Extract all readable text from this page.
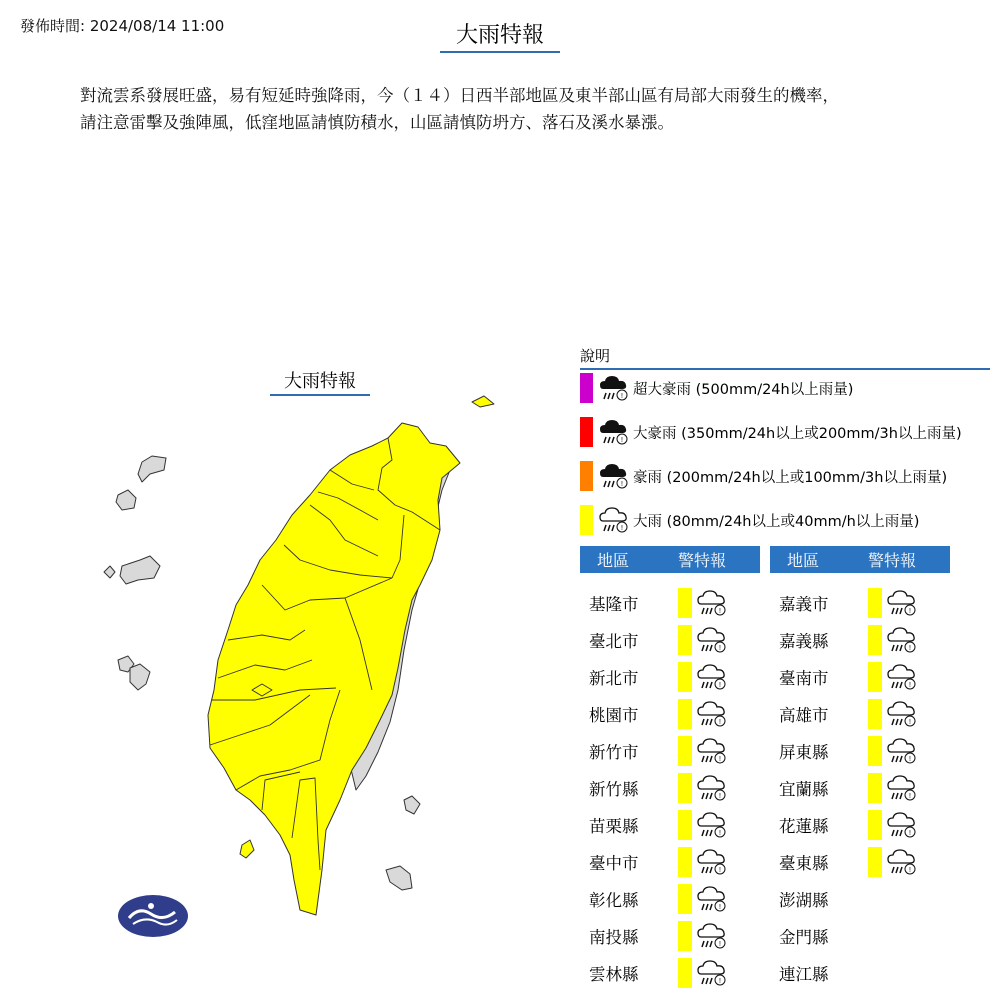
發佈時間: 2024/08/14 11:00	大雨特報
對流雲系發展旺盛，易有短延時強降雨，今（１４）日西半部地區及東半部山區有局部大雨發生的機率，
請注意雷擊及強陣風，低窪地區請慎防積水，山區請慎防坍方、落石及溪水暴漲。
大雨特報
說明
! 超大豪雨 (500mm/24h以上雨量)
! 大豪雨 (350mm/24h以上或200mm/3h以上雨量)
! 豪雨 (200mm/24h以上或100mm/3h以上雨量)
! 大雨 (80mm/24h以上或40mm/h以上雨量)
地區	警特報	地區	警特報
基隆市	!
臺北市	!
新北市	!
桃園市	!
新竹市	!
新竹縣	!
苗栗縣	!
臺中市	!
彰化縣	!
南投縣	!
雲林縣	!
嘉義市	!
嘉義縣	!
臺南市	!
高雄市	!
屏東縣	!
宜蘭縣	!
花蓮縣	!
臺東縣	!
澎湖縣
金門縣
連江縣
